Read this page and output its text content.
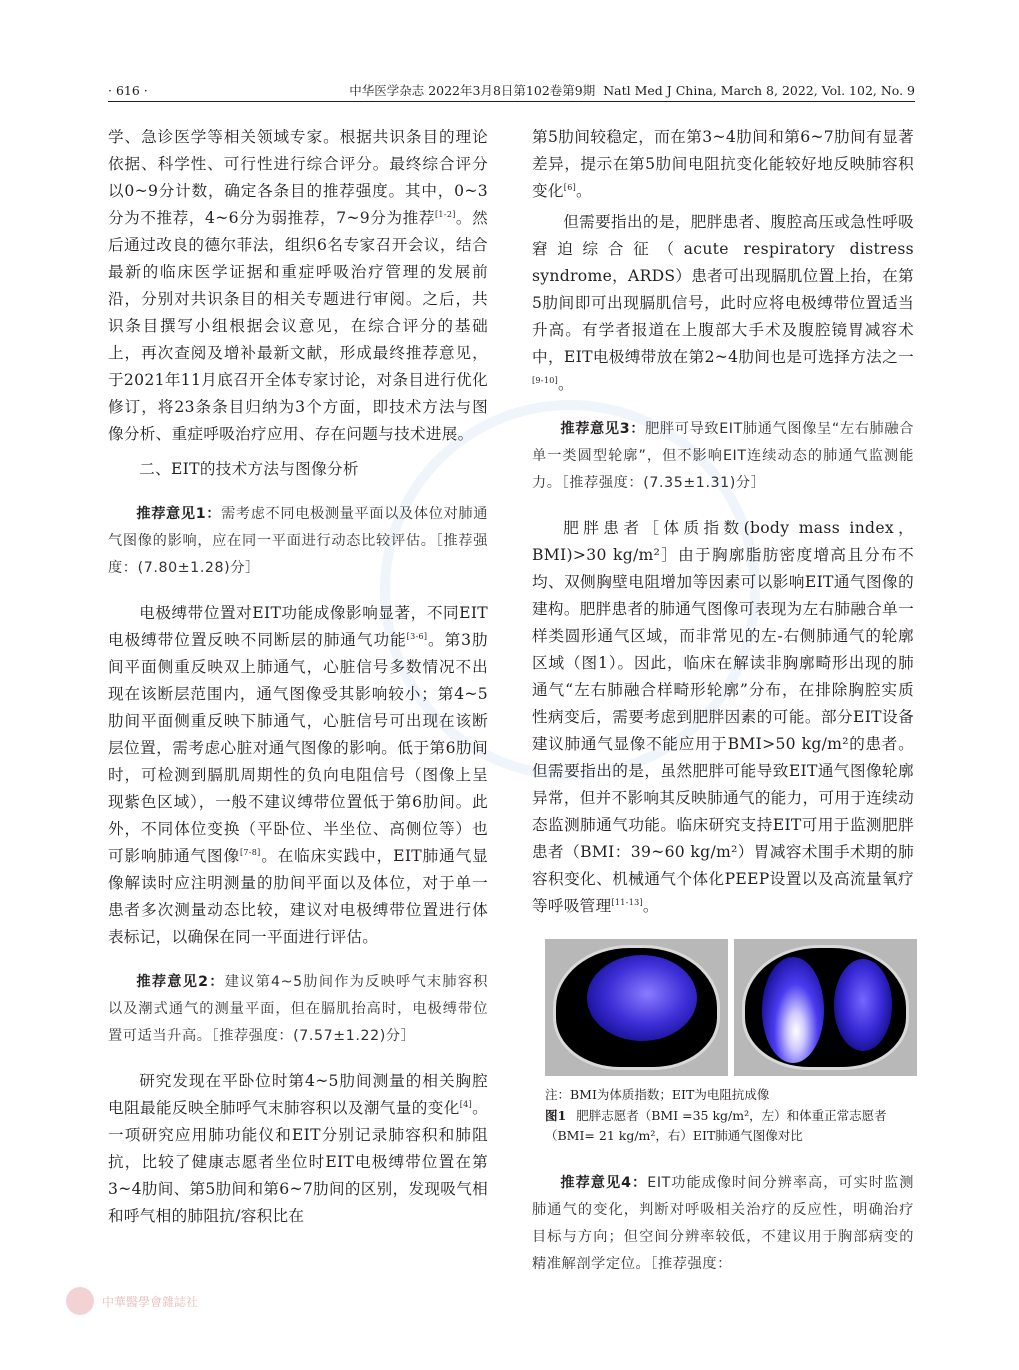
· 616 ·	中华医学杂志 2022年3月8日第102卷第9期 Natl Med J China, March 8, 2022, Vol. 102, No. 9

学、急诊医学等相关领域专家。根据共识条目的理论依据、科学性、可行性进行综合评分。最终综合评分以0~9分计数，确定各条目的推荐强度。其中，0~3分为不推荐，4~6分为弱推荐，7~9分为推荐[1-2]。然后通过改良的德尔菲法，组织6名专家召开会议，结合最新的临床医学证据和重症呼吸治疗管理的发展前沿，分别对共识条目的相关专题进行审阅。之后，共识条目撰写小组根据会议意见，在综合评分的基础上，再次查阅及增补最新文献，形成最终推荐意见，于2021年11月底召开全体专家讨论，对条目进行优化修订，将23条条目归纳为3个方面，即技术方法与图像分析、重症呼吸治疗应用、存在问题与技术进展。

二、EIT的技术方法与图像分析

推荐意见1：需考虑不同电极测量平面以及体位对肺通气图像的影响，应在同一平面进行动态比较评估。［推荐强度：(7.80±1.28)分］

电极缚带位置对EIT功能成像影响显著，不同EIT电极缚带位置反映不同断层的肺通气功能[3-6]。第3肋间平面侧重反映双上肺通气，心脏信号多数情况不出现在该断层范围内，通气图像受其影响较小；第4~5肋间平面侧重反映下肺通气，心脏信号可出现在该断层位置，需考虑心脏对通气图像的影响。低于第6肋间时，可检测到膈肌周期性的负向电阻信号（图像上呈现紫色区域），一般不建议缚带位置低于第6肋间。此外，不同体位变换（平卧位、半坐位、高侧位等）也可影响肺通气图像[7-8]。在临床实践中，EIT肺通气显像解读时应注明测量的肋间平面以及体位，对于单一患者多次测量动态比较，建议对电极缚带位置进行体表标记，以确保在同一平面进行评估。

推荐意见2：建议第4~5肋间作为反映呼气末肺容积以及潮式通气的测量平面，但在膈肌抬高时，电极缚带位置可适当升高。［推荐强度：(7.57±1.22)分］

研究发现在平卧位时第4~5肋间测量的相关胸腔电阻最能反映全肺呼气末肺容积以及潮气量的变化[4]。一项研究应用肺功能仪和EIT分别记录肺容积和肺阻抗，比较了健康志愿者坐位时EIT电极缚带位置在第3~4肋间、第5肋间和第6~7肋间的区别，发现吸气相和呼气相的肺阻抗/容积比在

第5肋间较稳定，而在第3~4肋间和第6~7肋间有显著差异，提示在第5肋间电阻抗变化能较好地反映肺容积变化[6]。

但需要指出的是，肥胖患者、腹腔高压或急性呼吸窘迫综合征（acute respiratory distress syndrome，ARDS）患者可出现膈肌位置上抬，在第5肋间即可出现膈肌信号，此时应将电极缚带位置适当升高。有学者报道在上腹部大手术及腹腔镜胃减容术中，EIT电极缚带放在第2~4肋间也是可选择方法之一[9-10]。

推荐意见3：肥胖可导致EIT肺通气图像呈“左右肺融合单一类圆型轮廓”，但不影响EIT连续动态的肺通气监测能力。［推荐强度：(7.35±1.31)分］

肥胖患者［体质指数(body mass index，BMI)>30 kg/m²］由于胸廓脂肪密度增高且分布不均、双侧胸壁电阻增加等因素可以影响EIT通气图像的建构。肥胖患者的肺通气图像可表现为左右肺融合单一样类圆形通气区域，而非常见的左-右侧肺通气的轮廓区域（图1）。因此，临床在解读非胸廓畸形出现的肺通气“左右肺融合样畸形轮廓”分布，在排除胸腔实质性病变后，需要考虑到肥胖因素的可能。部分EIT设备建议肺通气显像不能应用于BMI>50 kg/m²的患者。但需要指出的是，虽然肥胖可能导致EIT通气图像轮廓异常，但并不影响其反映肺通气的能力，可用于连续动态监测肺通气功能。临床研究支持EIT可用于监测肥胖患者（BMI：39~60 kg/m²）胃减容术围手术期的肺容积变化、机械通气个体化PEEP设置以及高流量氧疗等呼吸管理[11-13]。

注：BMI为体质指数；EIT为电阻抗成像
图1 肥胖志愿者（BMI =35 kg/m²，左）和体重正常志愿者（BMI= 21 kg/m²，右）EIT肺通气图像对比

推荐意见4：EIT功能成像时间分辨率高，可实时监测肺通气的变化，判断对呼吸相关治疗的反应性，明确治疗目标与方向；但空间分辨率较低，不建议用于胸部病变的精准解剖学定位。［推荐强度：

中華醫學會雜誌社
